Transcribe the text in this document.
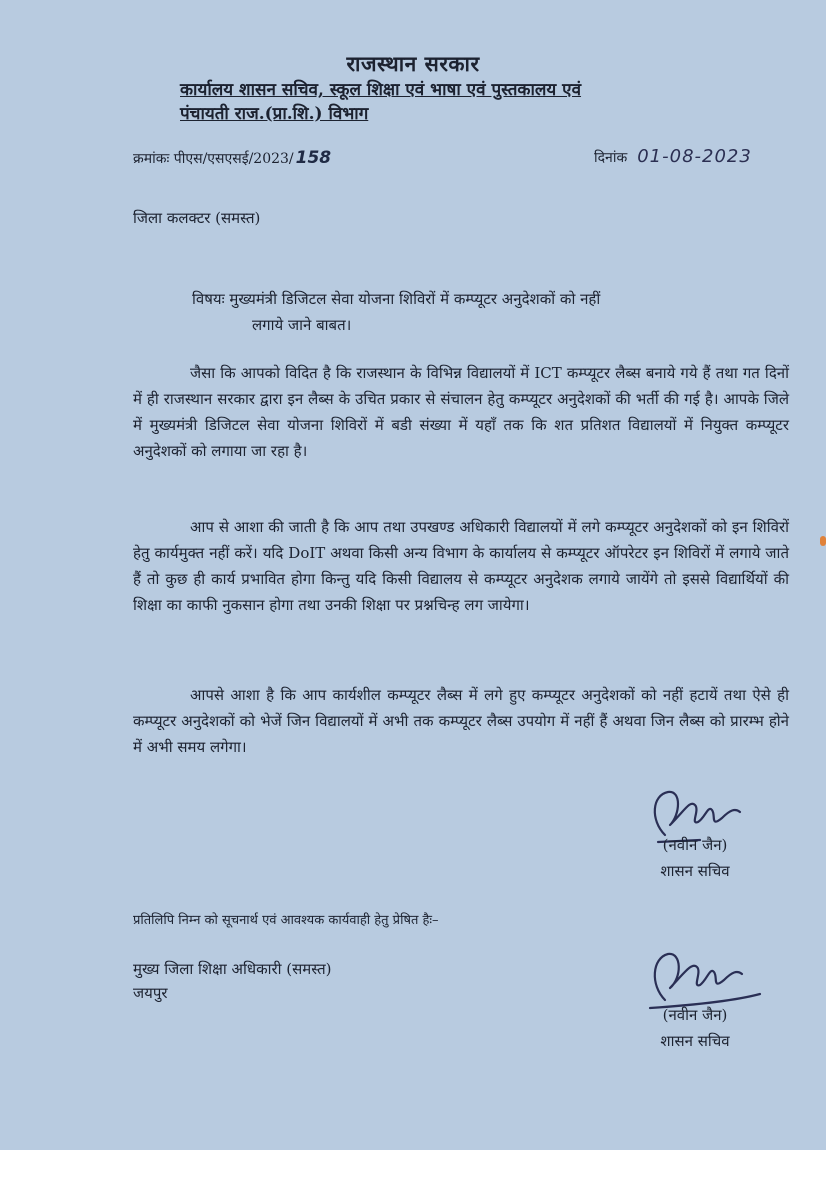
राजस्थान सरकार
कार्यालय शासन सचिव, स्कूल शिक्षा एवं भाषा एवं पुस्तकालय एवं
पंचायती राज.(प्रा.शि.) विभाग
क्रमांकः पीएस/एसएसई/2023/ 158	दिनांक 01-08-2023
जिला कलक्टर (समस्त)
विषयः मुख्यमंत्री डिजिटल सेवा योजना शिविरों में कम्प्यूटर अनुदेशकों को नहीं
लगाये जाने बाबत।
जैसा कि आपको विदित है कि राजस्थान के विभिन्न विद्यालयों में ICT कम्प्यूटर लैब्स बनाये गये हैं तथा गत दिनों में ही राजस्थान सरकार द्वारा इन लैब्स के उचित प्रकार से संचालन हेतु कम्प्यूटर अनुदेशकों की भर्ती की गई है। आपके जिले में मुख्यमंत्री डिजिटल सेवा योजना शिविरों में बडी संख्या में यहाँ तक कि शत प्रतिशत विद्यालयों में नियुक्त कम्प्यूटर अनुदेशकों को लगाया जा रहा है।
आप से आशा की जाती है कि आप तथा उपखण्ड अधिकारी विद्यालयों में लगे कम्प्यूटर अनुदेशकों को इन शिविरों हेतु कार्यमुक्त नहीं करें। यदि DoIT अथवा किसी अन्य विभाग के कार्यालय से कम्प्यूटर ऑपरेटर इन शिविरों में लगाये जाते हैं तो कुछ ही कार्य प्रभावित होगा किन्तु यदि किसी विद्यालय से कम्प्यूटर अनुदेशक लगाये जायेंगे तो इससे विद्यार्थियों की शिक्षा का काफी नुकसान होगा तथा उनकी शिक्षा पर प्रश्नचिन्ह लग जायेगा।
आपसे आशा है कि आप कार्यशील कम्प्यूटर लैब्स में लगे हुए कम्प्यूटर अनुदेशकों को नहीं हटायें तथा ऐसे ही कम्प्यूटर अनुदेशकों को भेजें जिन विद्यालयों में अभी तक कम्प्यूटर लैब्स उपयोग में नहीं हैं अथवा जिन लैब्स को प्रारम्भ होने में अभी समय लगेगा।
(नवीन जैन)
शासन सचिव
प्रतिलिपि निम्न को सूचनार्थ एवं आवश्यक कार्यवाही हेतु प्रेषित हैः–
मुख्य जिला शिक्षा अधिकारी (समस्त)
जयपुर
(नवीन जैन)
शासन सचिव
